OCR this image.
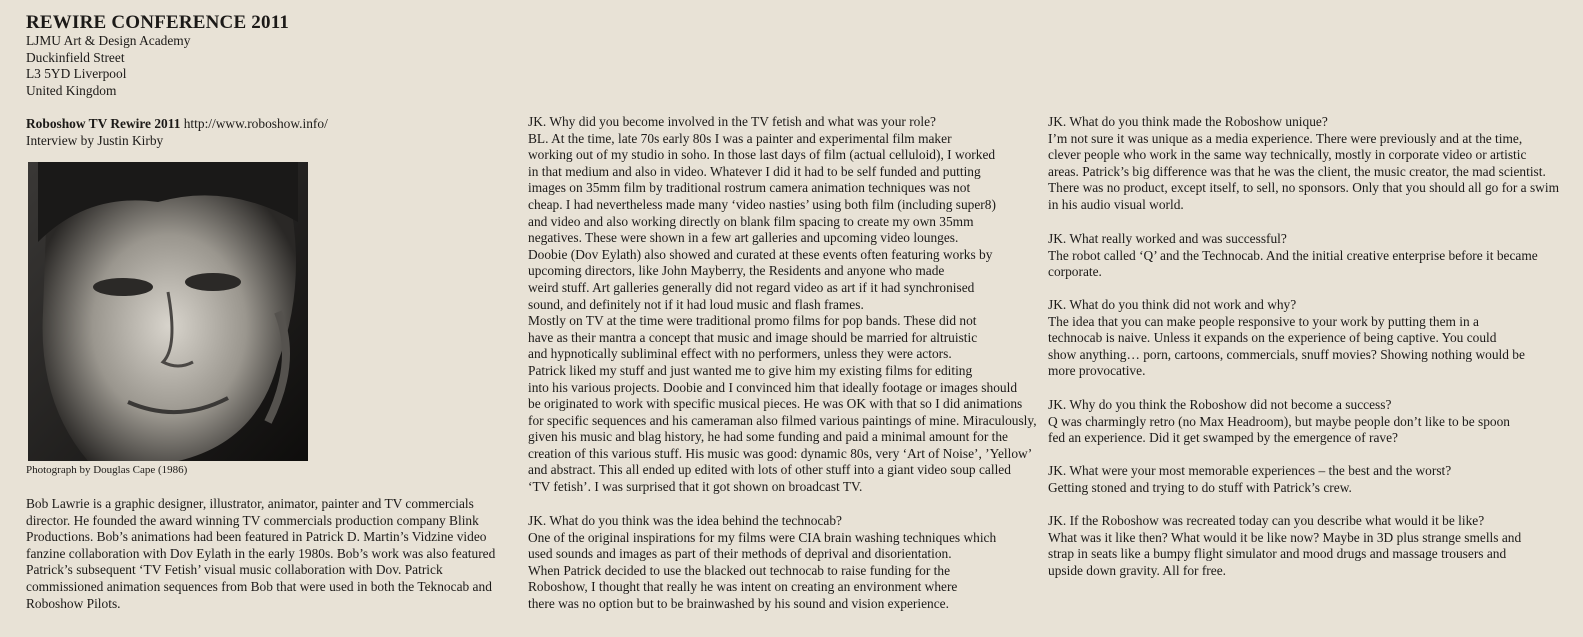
REWIRE CONFERENCE 2011
LJMU Art & Design Academy
Duckinfield Street
L3 5YD Liverpool
United Kingdom
Roboshow TV Rewire 2011 http://www.roboshow.info/
Interview by Justin Kirby
Photograph by Douglas Cape (1986)
Bob Lawrie is a graphic designer, illustrator, animator, painter and TV commercials director. He founded the award winning TV commercials production company Blink Productions. Bob’s animations had been featured in Patrick D. Martin’s Vidzine video fanzine collaboration with Dov Eylath in the early 1980s. Bob’s work was also featured Patrick’s subsequent ‘TV Fetish’ visual music collaboration with Dov. Patrick commissioned animation sequences from Bob that were used in both the Teknocab and Roboshow Pilots.
JK. Why did you become involved in the TV fetish and what was your role?
BL. At the time, late 70s early 80s I was a painter and experimental film maker
working out of my studio in soho. In those last days of film (actual celluloid), I worked
in that medium and also in video. Whatever I did it had to be self funded and putting
images on 35mm film by traditional rostrum camera animation techniques was not
cheap. I had nevertheless made many ‘video nasties’ using both film (including super8)
and video and also working directly on blank film spacing to create my own 35mm
negatives. These were shown in a few art galleries and upcoming video lounges.
Doobie (Dov Eylath) also showed and curated at these events often featuring works by
upcoming directors, like John Mayberry, the Residents and anyone who made
weird stuff. Art galleries generally did not regard video as art if it had synchronised
sound, and definitely not if it had loud music and flash frames.
Mostly on TV at the time were traditional promo films for pop bands. These did not
have as their mantra a concept that music and image should be married for altruistic
and hypnotically subliminal effect with no performers, unless they were actors.
Patrick liked my stuff and just wanted me to give him my existing films for editing
into his various projects. Doobie and I convinced him that ideally footage or images should
be originated to work with specific musical pieces. He was OK with that so I did animations
for specific sequences and his cameraman also filmed various paintings of mine. Miraculously,
given his music and blag history, he had some funding and paid a minimal amount for the
creation of this various stuff. His music was good: dynamic 80s, very ‘Art of Noise’, ’Yellow’
and abstract. This all ended up edited with lots of other stuff into a giant video soup called
‘TV fetish’. I was surprised that it got shown on broadcast TV.
JK. What do you think was the idea behind the technocab?
One of the original inspirations for my films were CIA brain washing techniques which
used sounds and images as part of their methods of deprival and disorientation.
When Patrick decided to use the blacked out technocab to raise funding for the
Roboshow, I thought that really he was intent on creating an environment where
there was no option but to be brainwashed by his sound and vision experience.
JK. What do you think made the Roboshow unique?
I’m not sure it was unique as a media experience. There were previously and at the time,
clever people who work in the same way technically, mostly in corporate video or artistic
areas. Patrick’s big difference was that he was the client, the music creator, the mad scientist.
There was no product, except itself, to sell, no sponsors. Only that you should all go for a swim
in his audio visual world.
JK. What really worked and was successful?
The robot called ‘Q’ and the Technocab. And the initial creative enterprise before it became
corporate.
JK. What do you think did not work and why?
The idea that you can make people responsive to your work by putting them in a
technocab is naive. Unless it expands on the experience of being captive. You could
show anything… porn, cartoons, commercials, snuff movies? Showing nothing would be
more provocative.
JK. Why do you think the Roboshow did not become a success?
Q was charmingly retro (no Max Headroom), but maybe people don’t like to be spoon
fed an experience. Did it get swamped by the emergence of rave?
JK. What were your most memorable experiences – the best and the worst?
Getting stoned and trying to do stuff with Patrick’s crew.
JK. If the Roboshow was recreated today can you describe what would it be like?
What was it like then? What would it be like now? Maybe in 3D plus strange smells and
strap in seats like a bumpy flight simulator and mood drugs and massage trousers and
upside down gravity. All for free.
